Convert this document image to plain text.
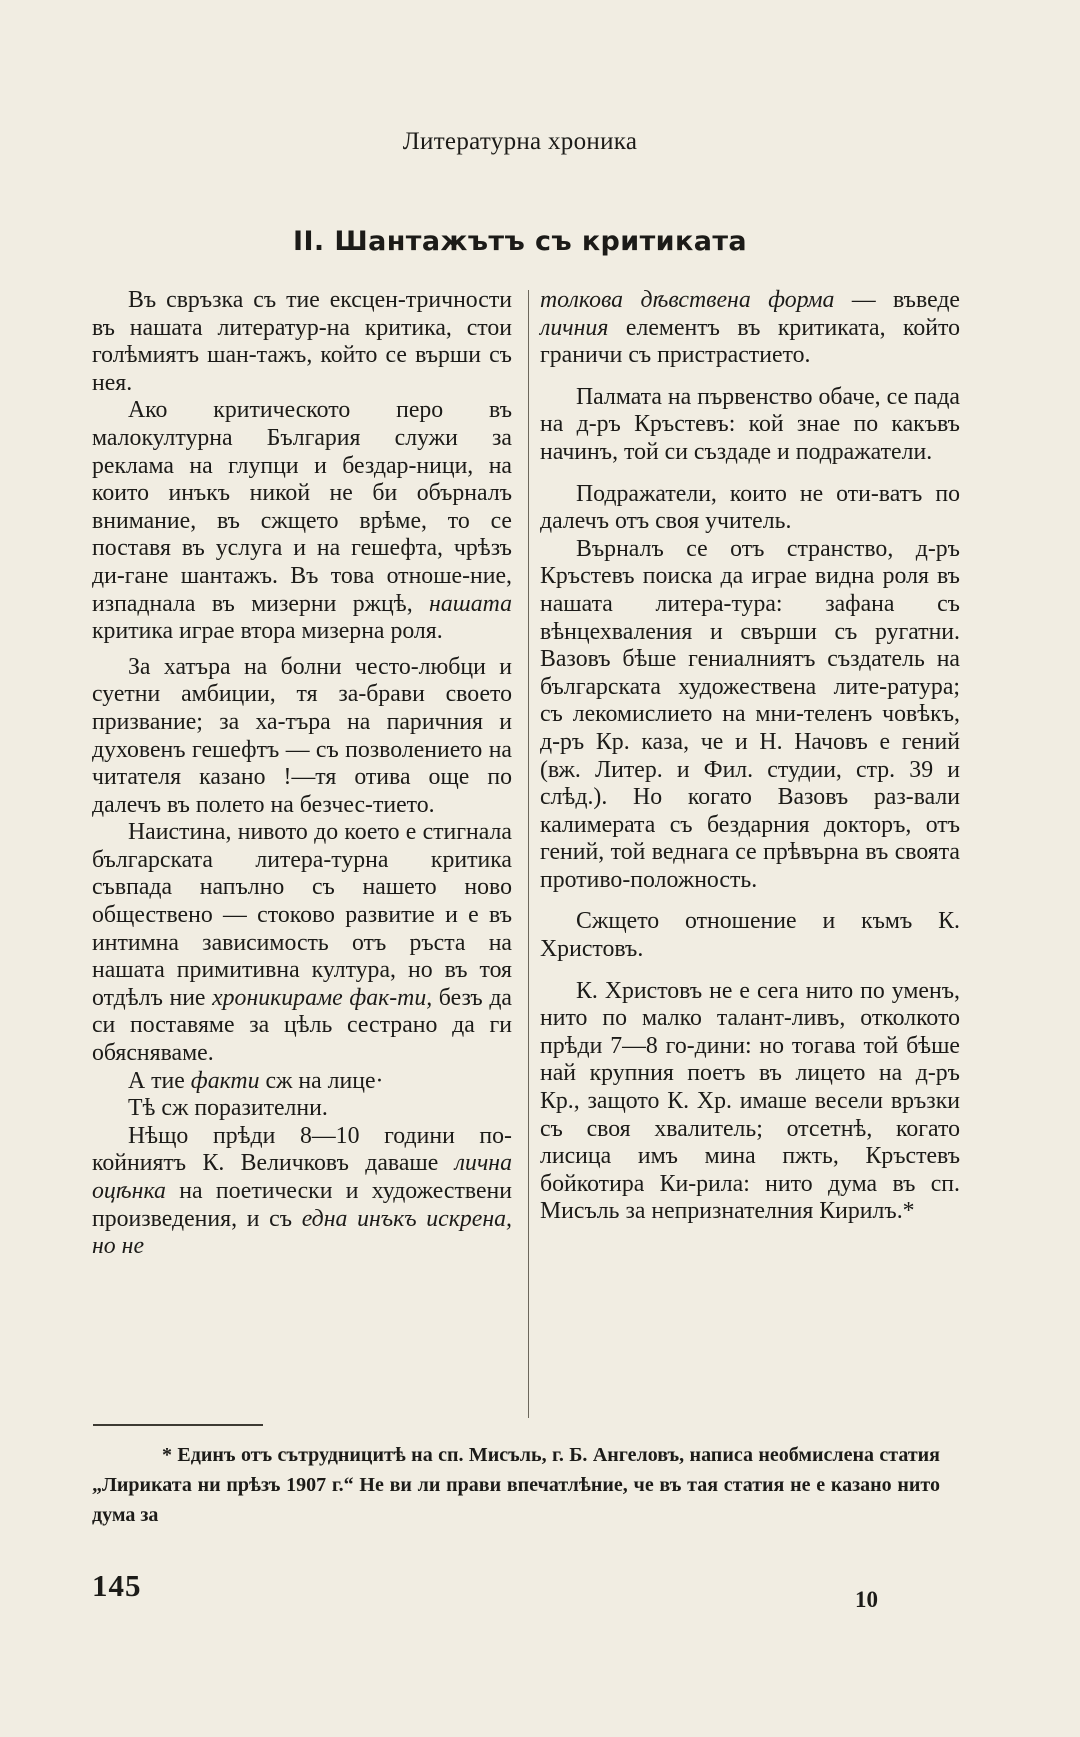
Литературна хроника
II. Шантажътъ съ критиката

Въ свръзка съ тие ексцен-тричности въ нашата литератур-на критика, стои голѣмиятъ шан-тажъ, който се върши съ нея.

Ако критическото перо въ малокултурна България служи за реклама на глупци и бездар-ници, на които инъкъ никой не би обърналъ внимание, въ сжщето врѣме, то се поставя въ услуга и на гешефта, чрѣзъ ди-гане шантажъ. Въ това отноше-ние, изпаднала въ мизерни ржцѣ, нашата критика играе втора мизерна роля.

За хатъра на болни често-любци и суетни амбиции, тя за-брави своето призвание; за ха-търа на паричния и духовенъ гешефтъ — съ позволението на читателя казано !—тя отива още по далечъ въ полето на безчес-тието.

Наистина, нивото до което е стигнала българската литера-турна критика съвпада напълно съ нашето ново обществено — стоково развитие и е въ интимна зависимость отъ ръста на нашата примитивна култура, но въ тоя отдѣлъ ние хроникираме фак-ти, безъ да си поставяме за цѣль сестрано да ги обясняваме.

А тие факти сж на лице·

Тѣ сж поразителни.

Нѣщо прѣди 8—10 години по-койниятъ К. Величковъ даваше лична оцѣнка на поетически и художествени произведения, и съ една инъкъ искрена, но не

толкова дѣвствена форма — въведе личния елементъ въ критиката, който граничи съ пристрастието.

Палмата на първенство обаче, се пада на д-ръ Кръстевъ: кой знае по какъвъ начинъ, той си създаде и подражатели.

Подражатели, които не оти-ватъ по далечъ отъ своя учитель.

Върналъ се отъ странство, д-ръ Кръстевъ поиска да играе видна роля въ нашата литера-тура: зафана съ вѣнцехваления и свърши съ ругатни. Вазовъ бѣше гениалниятъ създатель на българската художествена лите-ратура; съ лекомислието на мни-теленъ човѣкъ, д-ръ Кр. каза, че и Н. Начовъ е гений (вж. Литер. и Фил. студии, стр. 39 и слѣд.). Но когато Вазовъ раз-вали калимерата съ бездарния докторъ, отъ гений, той веднага се прѣвърна въ своята противо-положность.

Сжщето отношение и къмъ К. Христовъ.

К. Христовъ не е сега нито по уменъ, нито по малко талант-ливъ, отколкото прѣди 7—8 го-дини: но тогава той бѣше най крупния поетъ въ лицето на д-ръ Кр., защото К. Хр. имаше весели връзки съ своя хвалитель; отсетнѣ, когато лисица имъ мина пжть, Кръстевъ бойкотира Ки-рила: нито дума въ сп. Мисъль за непризнателния Кирилъ.*

* Единъ отъ сътрудницитѣ на сп. Мисъль, г. Б. Ангеловъ, написа необмислена статия „Лириката ни прѣзъ 1907 г.“ Не ви ли прави впечатлѣние, че въ тая статия не е казано нито дума за

145	10
